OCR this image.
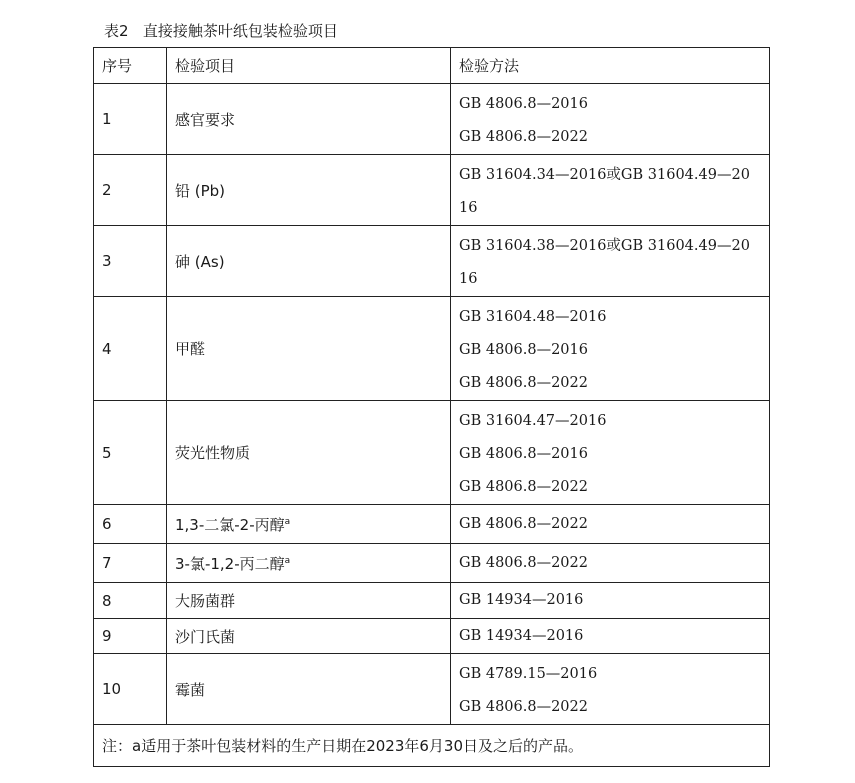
表2   直接接触茶叶纸包装检验项目
序号	检验项目	检验方法
1	感官要求	GB 4806.8—2016
GB 4806.8—2022

2	铅 (Pb)	GB 31604.34—2016或GB 31604.49—2016

3	砷 (As)	GB 31604.38—2016或GB 31604.49—2016

4	甲醛	GB 31604.48—2016
GB 4806.8—2016
GB 4806.8—2022

5	荧光性物质	GB 31604.47—2016
GB 4806.8—2016
GB 4806.8—2022

6	1,3-二氯-2-丙醇$^a$	GB 4806.8—2022

7	3-氯-1,2-丙二醇$^a$	GB 4806.8—2022

8	大肠菌群	GB 14934—2016

9	沙门氏菌	GB 14934—2016

10	霉菌	GB 4789.15—2016
GB 4806.8—2022

注：a适用于茶叶包装材料的生产日期在2023年6月30日及之后的产品。		
